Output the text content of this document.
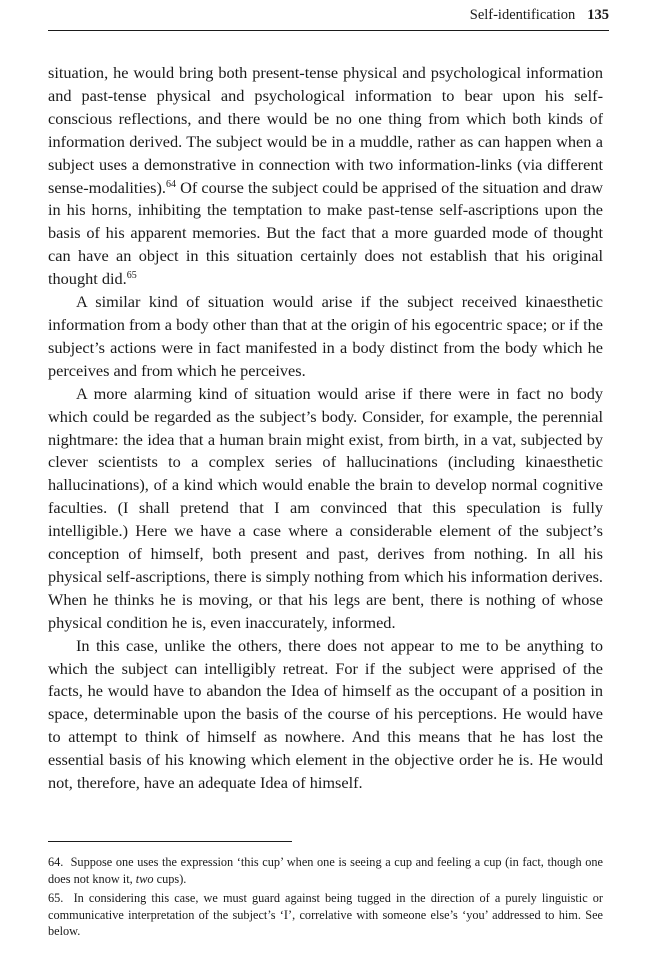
Self-identification 135

situation, he would bring both present-tense physical and psychological information and past-tense physical and psychological information to bear upon his self-conscious reflections, and there would be no one thing from which both kinds of information derived. The subject would be in a muddle, rather as can happen when a subject uses a demonstrative in connection with two information-links (via different sense-modalities).$^{64}$ Of course the subject could be apprised of the situation and draw in his horns, inhibiting the temptation to make past-tense self-ascriptions upon the basis of his apparent memories. But the fact that a more guarded mode of thought can have an object in this situation certainly does not establish that his original thought did.$^{65}$

A similar kind of situation would arise if the subject received kinaesthetic information from a body other than that at the origin of his egocentric space; or if the subject’s actions were in fact manifested in a body distinct from the body which he perceives and from which he perceives.

A more alarming kind of situation would arise if there were in fact no body which could be regarded as the subject’s body. Consider, for example, the perennial nightmare: the idea that a human brain might exist, from birth, in a vat, subjected by clever scientists to a complex series of hallucinations (including kinaesthetic hallucinations), of a kind which would enable the brain to develop normal cognitive faculties. (I shall pretend that I am convinced that this speculation is fully intelligible.) Here we have a case where a considerable element of the subject’s conception of himself, both present and past, derives from nothing. In all his physical self-ascriptions, there is simply nothing from which his information derives. When he thinks he is moving, or that his legs are bent, there is nothing of whose physical condition he is, even inaccurately, informed.

In this case, unlike the others, there does not appear to me to be anything to which the subject can intelligibly retreat. For if the subject were apprised of the facts, he would have to abandon the Idea of himself as the occupant of a position in space, determinable upon the basis of the course of his perceptions. He would have to attempt to think of himself as nowhere. And this means that he has lost the essential basis of his knowing which element in the objective order he is. He would not, therefore, have an adequate Idea of himself.

64. Suppose one uses the expression ‘this cup’ when one is seeing a cup and feeling a cup (in fact, though one does not know it, two cups).

65. In considering this case, we must guard against being tugged in the direction of a purely linguistic or communicative interpretation of the subject’s ‘I’, correlative with someone else’s ‘you’ addressed to him. See below.
